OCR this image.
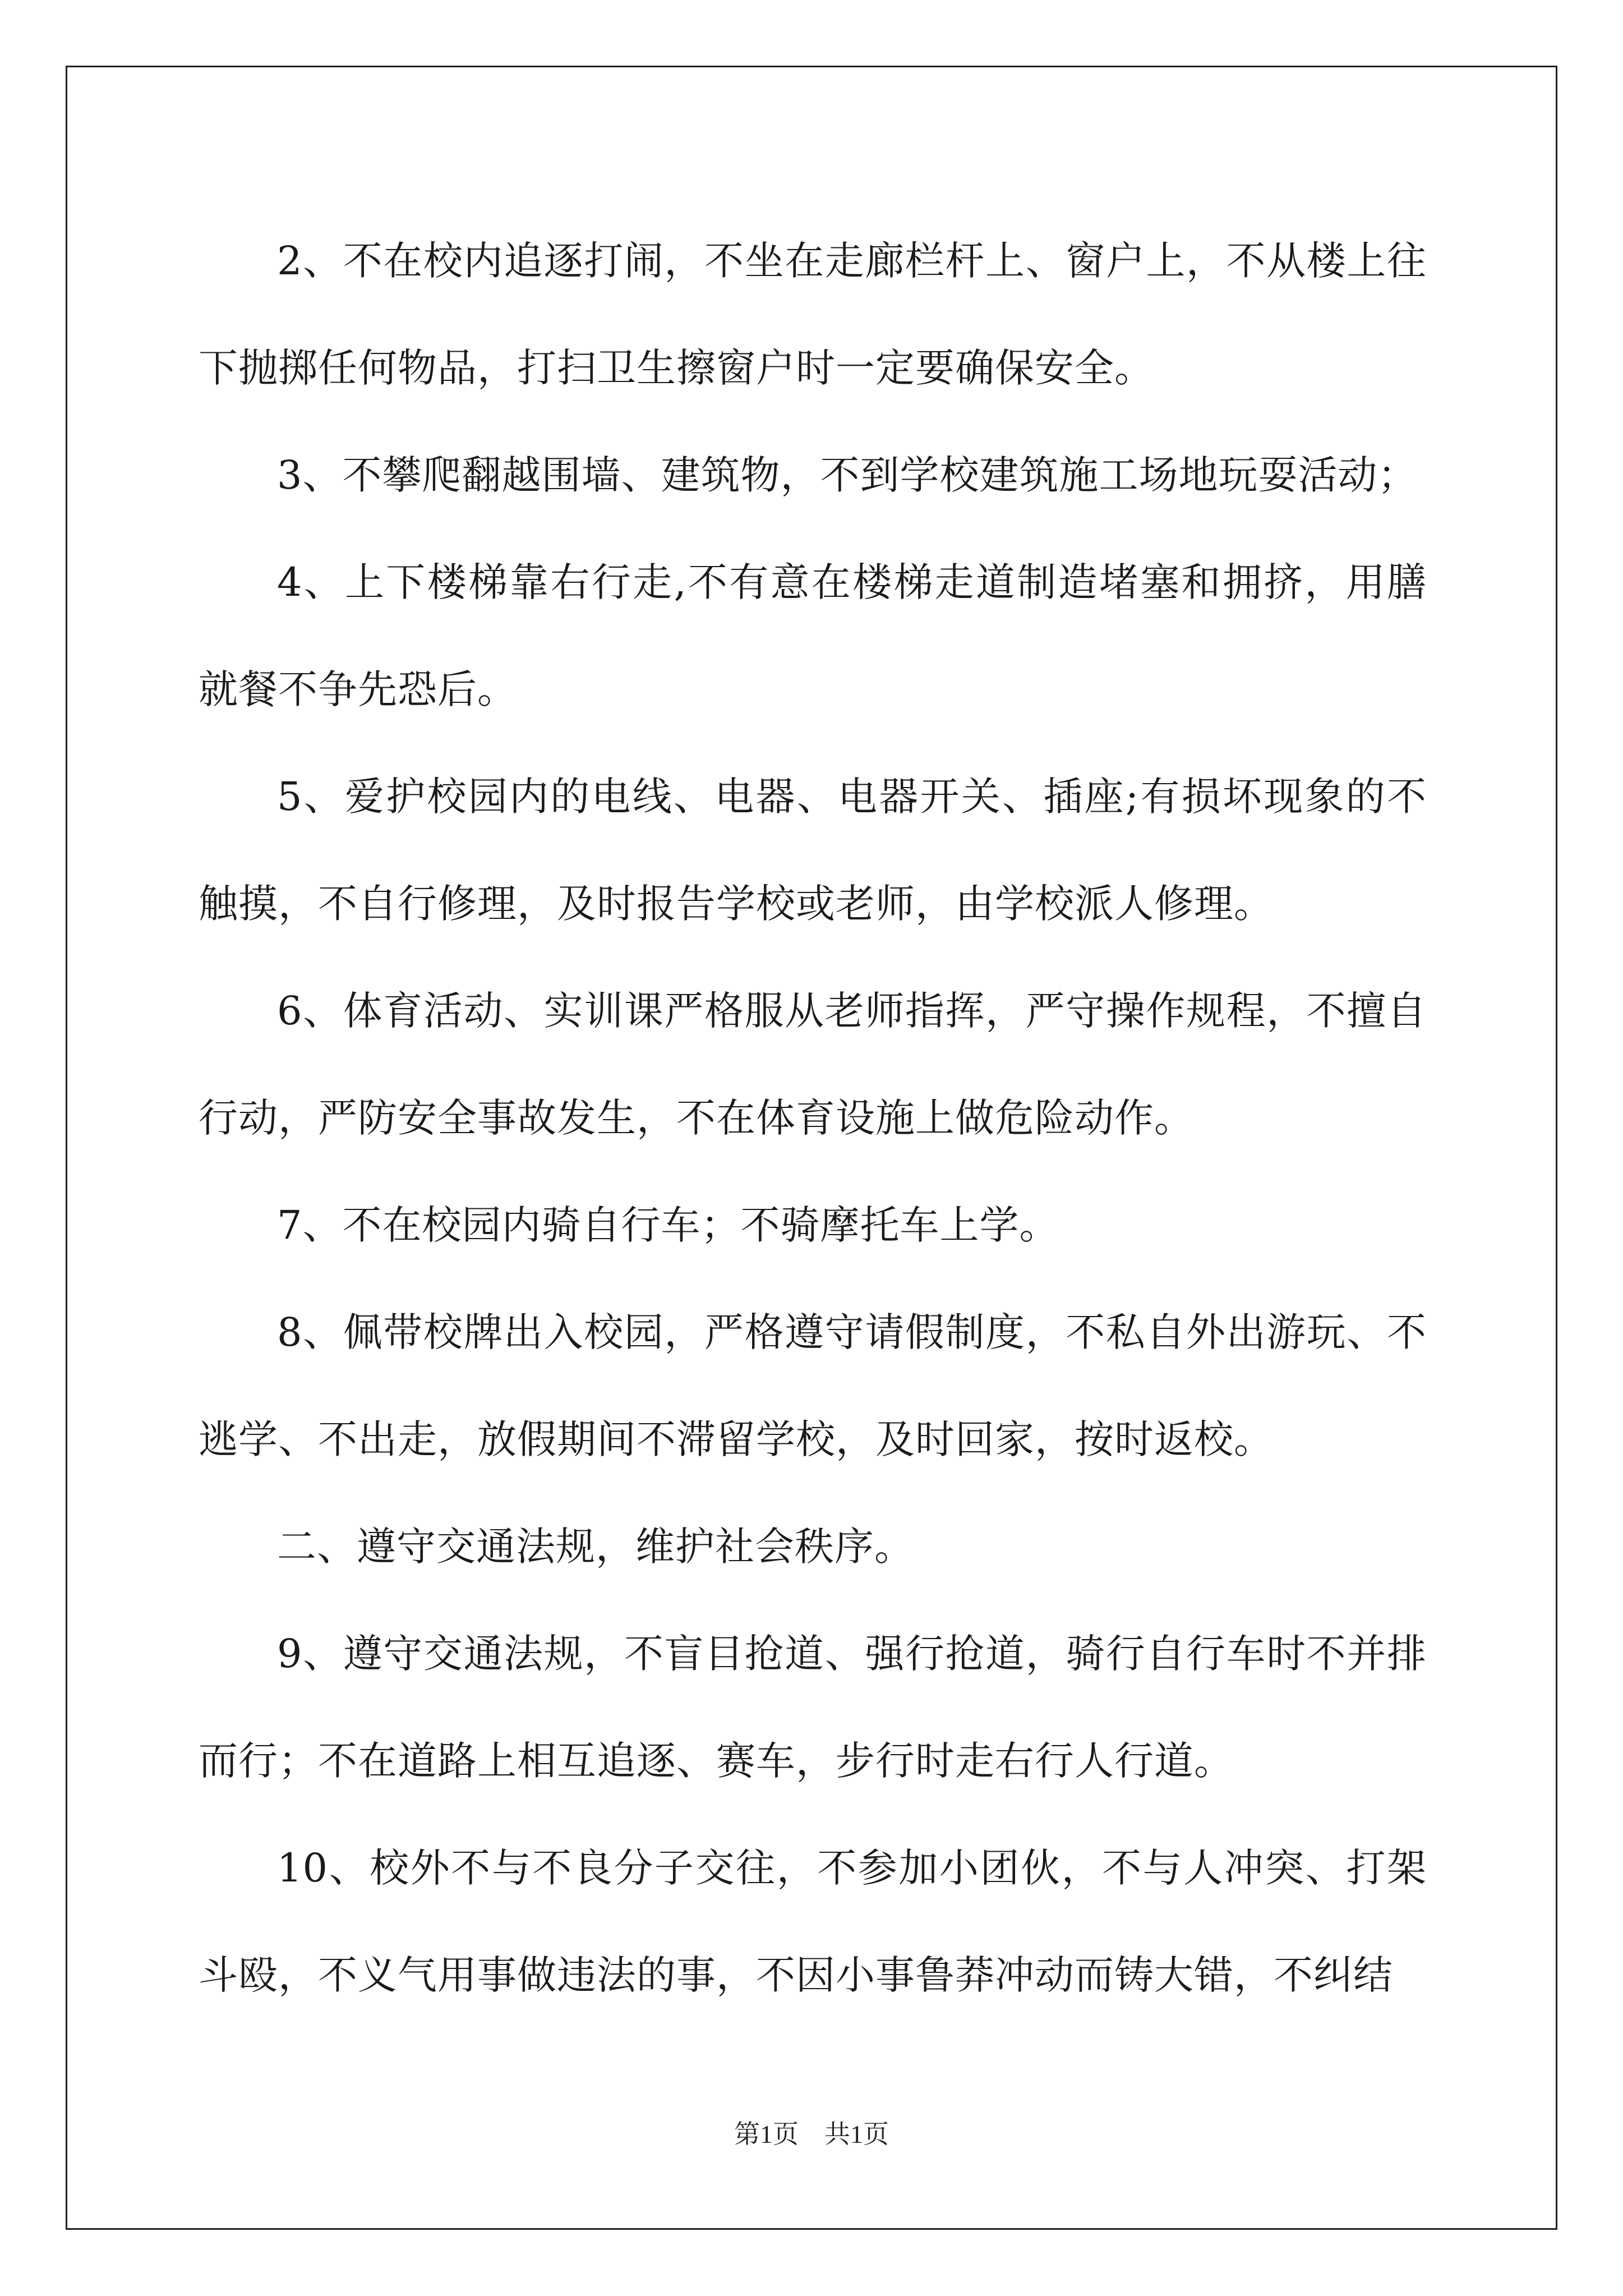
2、不在校内追逐打闹，不坐在走廊栏杆上、窗户上，不从楼上往下抛掷任何物品，打扫卫生擦窗户时一定要确保安全。

3、不攀爬翻越围墙、建筑物，不到学校建筑施工场地玩耍活动；

4、上下楼梯靠右行走,不有意在楼梯走道制造堵塞和拥挤，用膳就餐不争先恐后。

5、爱护校园内的电线、电器、电器开关、插座;有损坏现象的不触摸，不自行修理，及时报告学校或老师，由学校派人修理。

6、体育活动、实训课严格服从老师指挥，严守操作规程，不擅自行动，严防安全事故发生，不在体育设施上做危险动作。

7、不在校园内骑自行车；不骑摩托车上学。

8、佩带校牌出入校园，严格遵守请假制度，不私自外出游玩、不逃学、不出走，放假期间不滞留学校，及时回家，按时返校。

二、遵守交通法规，维护社会秩序。

9、遵守交通法规，不盲目抢道、强行抢道，骑行自行车时不并排而行；不在道路上相互追逐、赛车，步行时走右行人行道。

10、校外不与不良分子交往，不参加小团伙，不与人冲突、打架斗殴，不义气用事做违法的事，不因小事鲁莽冲动而铸大错，不纠结

第1页　共1页
